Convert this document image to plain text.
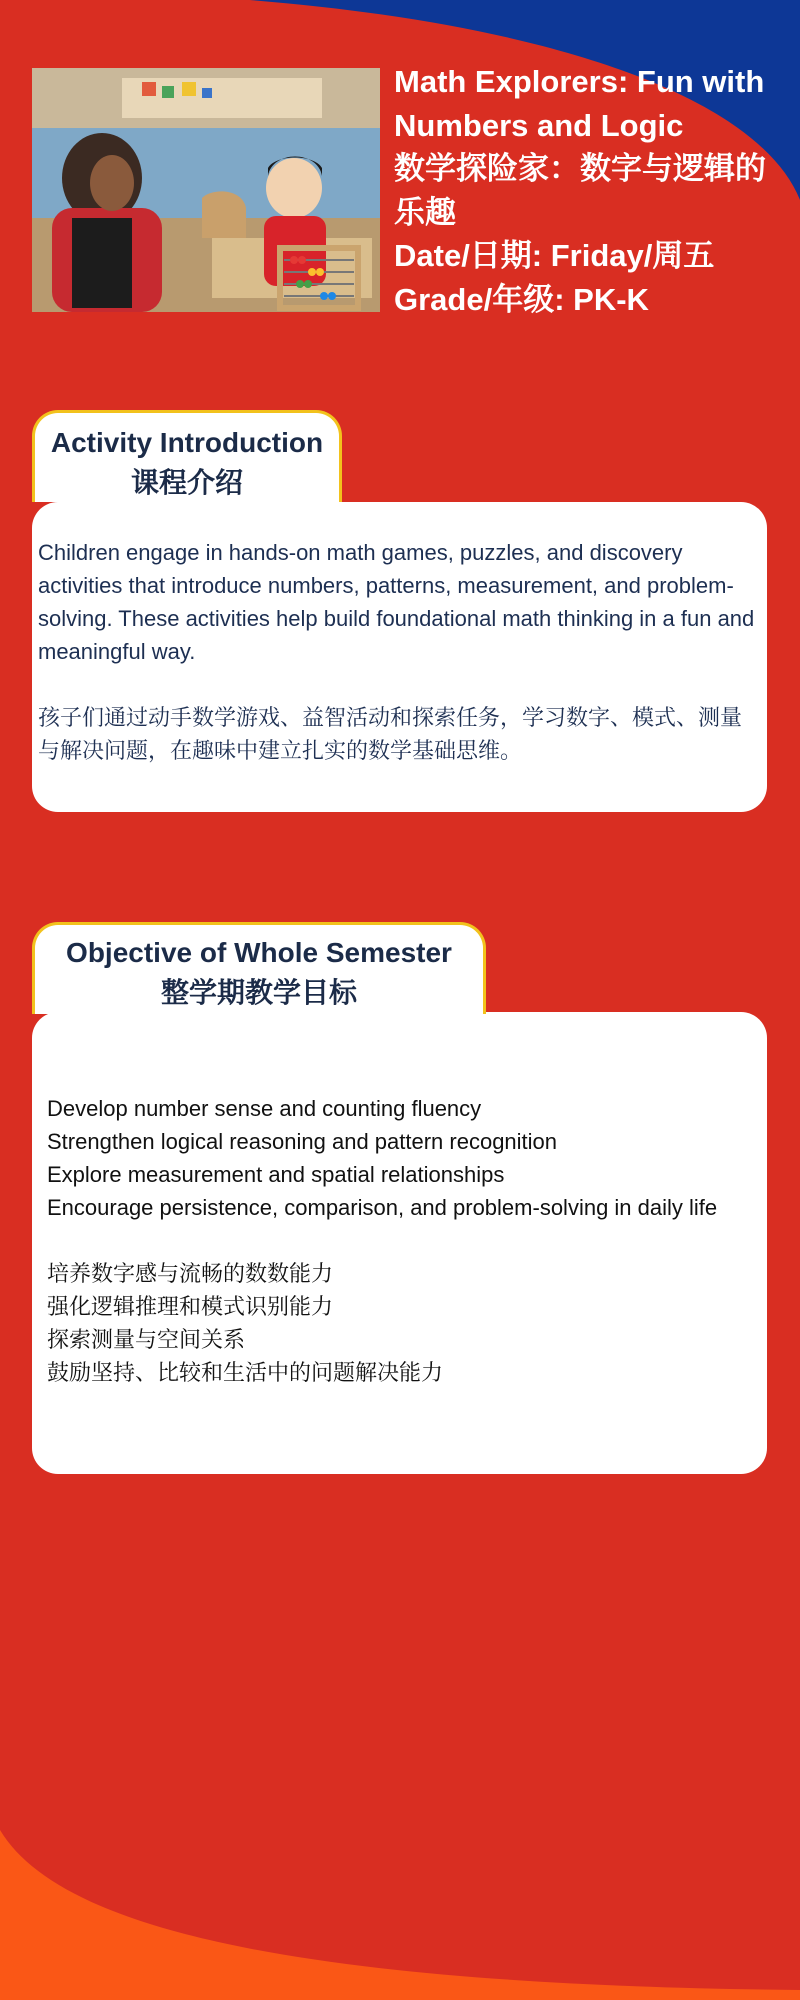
Math Explorers: Fun with Numbers and Logic
数学探险家：数字与逻辑的乐趣
Date/日期: Friday/周五
Grade/年级: PK-K
Activity Introduction
课程介绍

Children engage in hands-on math games, puzzles, and discovery activities that introduce numbers, patterns, measurement, and problem-solving. These activities help build foundational math thinking in a fun and meaningful way.

孩子们通过动手数学游戏、益智活动和探索任务，学习数字、模式、测量与解决问题，在趣味中建立扎实的数学基础思维。

Objective of Whole Semester
整学期教学目标

Develop number sense and counting fluency

Strengthen logical reasoning and pattern recognition

Explore measurement and spatial relationships

Encourage persistence, comparison, and problem-solving in daily life

培养数字感与流畅的数数能力

强化逻辑推理和模式识别能力

探索测量与空间关系

鼓励坚持、比较和生活中的问题解决能力
